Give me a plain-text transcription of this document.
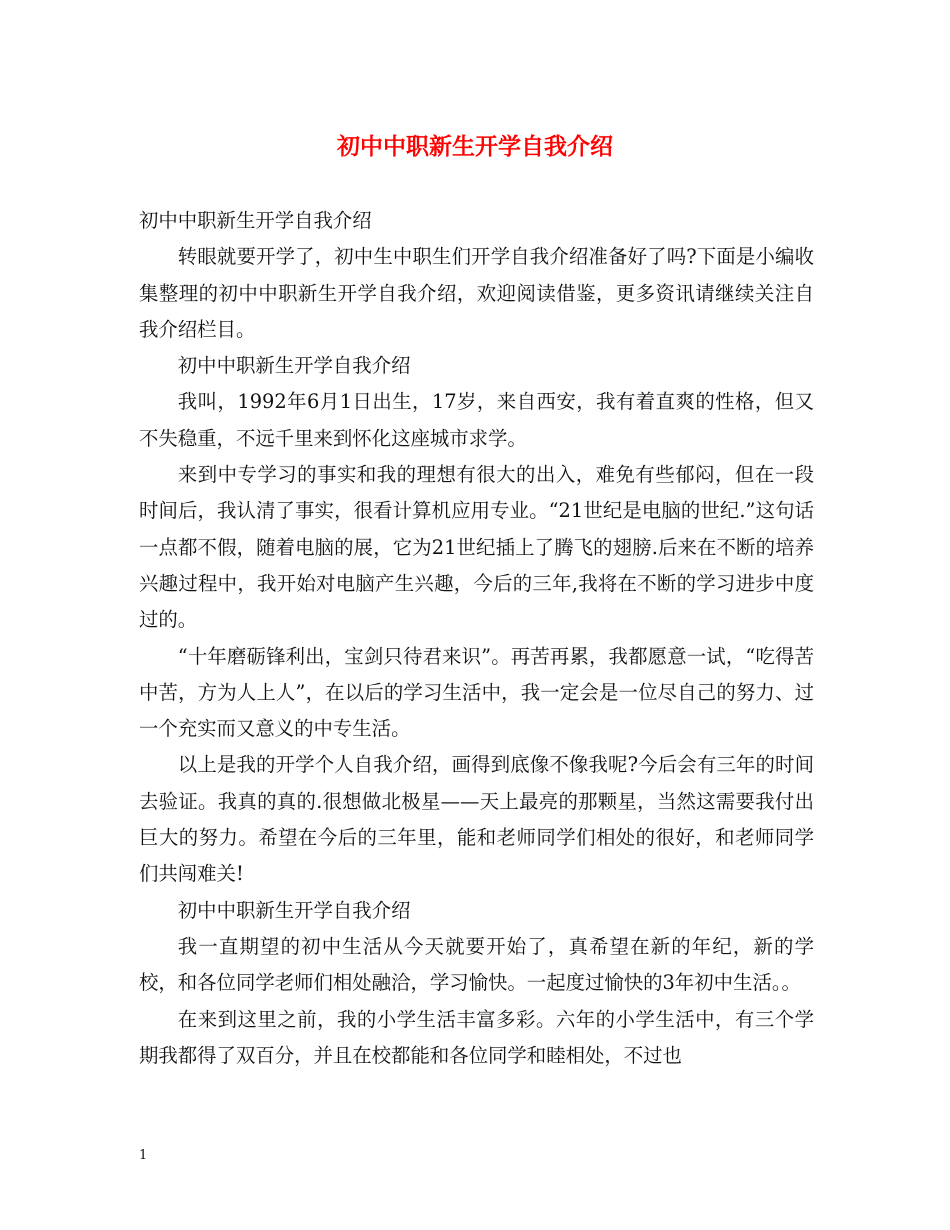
初中中职新生开学自我介绍

初中中职新生开学自我介绍

转眼就要开学了，初中生中职生们开学自我介绍准备好了吗?下面是小编收集整理的初中中职新生开学自我介绍，欢迎阅读借鉴，更多资讯请继续关注自我介绍栏目。

初中中职新生开学自我介绍

我叫，1992年6月1日出生，17岁，来自西安，我有着直爽的性格，但又不失稳重，不远千里来到怀化这座城市求学。

来到中专学习的事实和我的理想有很大的出入，难免有些郁闷，但在一段时间后，我认清了事实，很看计算机应用专业。“21世纪是电脑的世纪.”这句话一点都不假，随着电脑的展，它为21世纪插上了腾飞的翅膀.后来在不断的培养兴趣过程中，我开始对电脑产生兴趣，今后的三年,我将在不断的学习进步中度过的。

“十年磨砺锋利出，宝剑只待君来识”。再苦再累，我都愿意一试，“吃得苦中苦，方为人上人”，在以后的学习生活中，我一定会是一位尽自己的努力、过一个充实而又意义的中专生活。

以上是我的开学个人自我介绍，画得到底像不像我呢?今后会有三年的时间去验证。我真的真的.很想做北极星——天上最亮的那颗星，当然这需要我付出巨大的努力。希望在今后的三年里，能和老师同学们相处的很好，和老师同学们共闯难关!

初中中职新生开学自我介绍

我一直期望的初中生活从今天就要开始了，真希望在新的年纪，新的学校，和各位同学老师们相处融洽，学习愉快。一起度过愉快的3年初中生活。。

在来到这里之前，我的小学生活丰富多彩。六年的小学生活中，有三个学期我都得了双百分，并且在校都能和各位同学和睦相处，不过也

1
